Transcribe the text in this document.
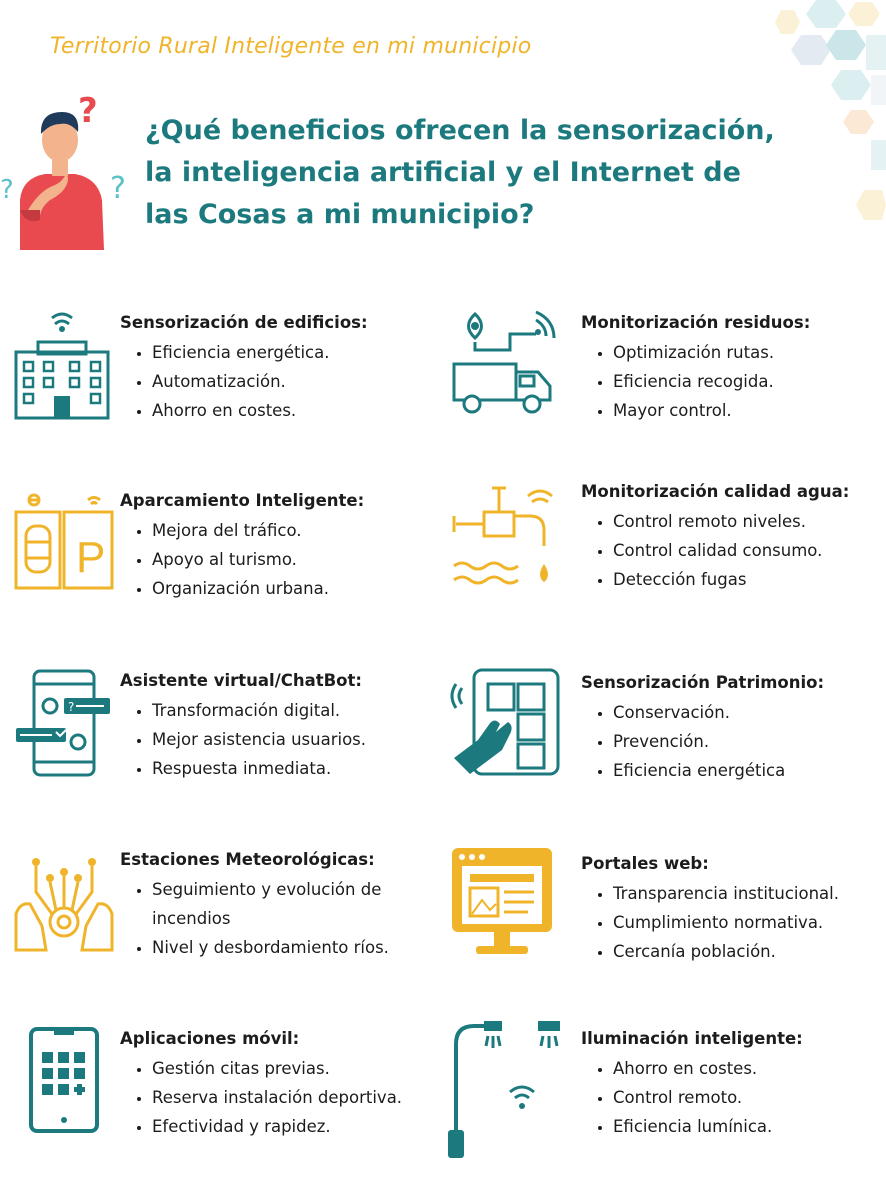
Territorio Rural Inteligente en mi municipio
?
?
?
¿Qué beneficios ofrecen la sensorización,
la inteligencia artificial y el Internet de
las Cosas a mi municipio?
P
?
Sensorización de edificios:
• Eficiencia energética.
• Automatización.
• Ahorro en costes.
Monitorización residuos:
• Optimización rutas.
• Eficiencia recogida.
• Mayor control.
Aparcamiento Inteligente:
• Mejora del tráfico.
• Apoyo al turismo.
• Organización urbana.
Monitorización calidad agua:
• Control remoto niveles.
• Control calidad consumo.
• Detección fugas
Asistente virtual/ChatBot:
• Transformación digital.
• Mejor asistencia usuarios.
• Respuesta inmediata.
Sensorización Patrimonio:
• Conservación.
• Prevención.
• Eficiencia energética
Estaciones Meteorológicas:
• Seguimiento y evolución de incendios
• Nivel y desbordamiento ríos.
Portales web:
• Transparencia institucional.
• Cumplimiento normativa.
• Cercanía población.
Aplicaciones móvil:
• Gestión citas previas.
• Reserva instalación deportiva.
• Efectividad y rapidez.
Iluminación inteligente:
• Ahorro en costes.
• Control remoto.
• Eficiencia lumínica.
